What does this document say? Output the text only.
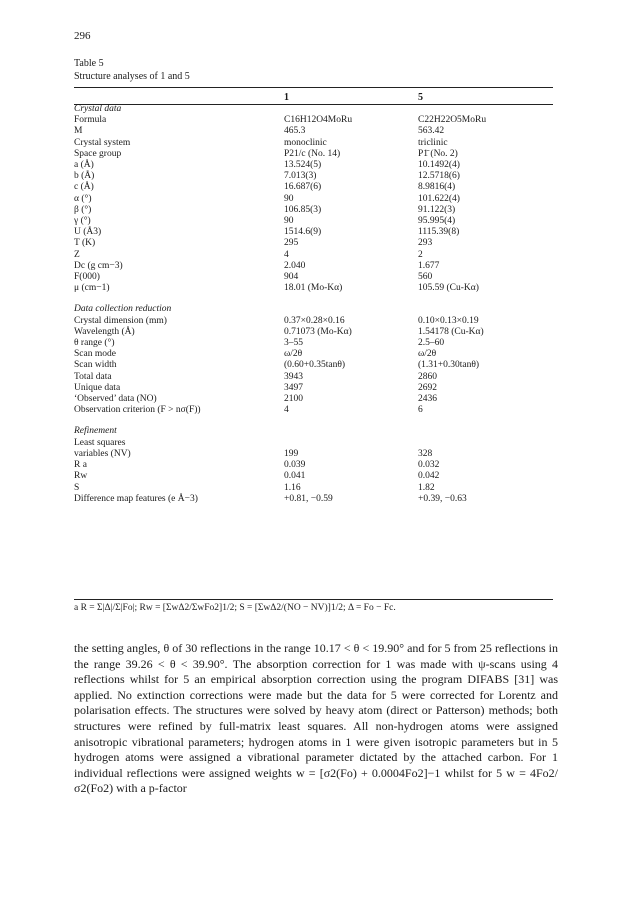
296
Table 5
Structure analyses of 1 and 5
1	5
Crystal data		
Formula	C16H12O4MoRu	C22H22O5MoRu
M	465.3	563.42
Crystal system	monoclinic	triclinic
Space group	P21/c (No. 14)	P1̄ (No. 2)
a (Å)	13.524(5)	10.1492(4)
b (Å)	7.013(3)	12.5718(6)
c (Å)	16.687(6)	8.9816(4)
α (°)	90	101.622(4)
β (°)	106.85(3)	91.122(3)
γ (°)	90	95.995(4)
U (Å3)	1514.6(9)	1115.39(8)
T (K)	295	293
Z	4	2
Dc (g cm−3)	2.040	1.677
F(000)	904	560
μ (cm−1)	18.01 (Mo-Kα)	105.59 (Cu-Kα)

Data collection reduction		
Crystal dimension (mm)	0.37×0.28×0.16	0.10×0.13×0.19
Wavelength (Å)	0.71073 (Mo-Kα)	1.54178 (Cu-Kα)
θ range (°)	3–55	2.5–60
Scan mode	ω/2θ	ω/2θ
Scan width	(0.60+0.35tanθ)	(1.31+0.30tanθ)
Total data	3943	2860
Unique data	3497	2692
‘Observed’ data (NO)	2100	2436
Observation criterion (F > nσ(F))	4	6

Refinement		
Least squares		
variables (NV)	199	328
R a	0.039	0.032
Rw	0.041	0.042
S	1.16	1.82
Difference map features (e Å−3)	+0.81, −0.59	+0.39, −0.63
a R = Σ|Δ|/Σ|Fo|; Rw = [ΣwΔ2/ΣwFo2]1/2; S = [ΣwΔ2/(NO − NV)]1/2; Δ = Fo − Fc.

the setting angles, θ of 30 reflections in the range 10.17 < θ < 19.90° and for 5 from 25 reflections in the range 39.26 < θ < 39.90°. The absorption correction for 1 was made with ψ-scans using 4 reflections whilst for 5 an empirical absorption correction using the program DIFABS [31] was applied. No extinction corrections were made but the data for 5 were corrected for Lorentz and polarisation effects. The structures were solved by heavy atom (direct or Patterson) methods; both structures were refined by full-matrix least squares. All non-hydrogen atoms were assigned anisotropic vibrational parameters; hydrogen atoms in 1 were given isotropic parameters but in 5 hydrogen atoms were assigned a vibrational parameter dictated by the attached carbon. For 1 individual reflections were assigned weights w = [σ2(Fo) + 0.0004Fo2]−1 whilst for 5 w = 4Fo2/σ2(Fo2) with a p-factor
